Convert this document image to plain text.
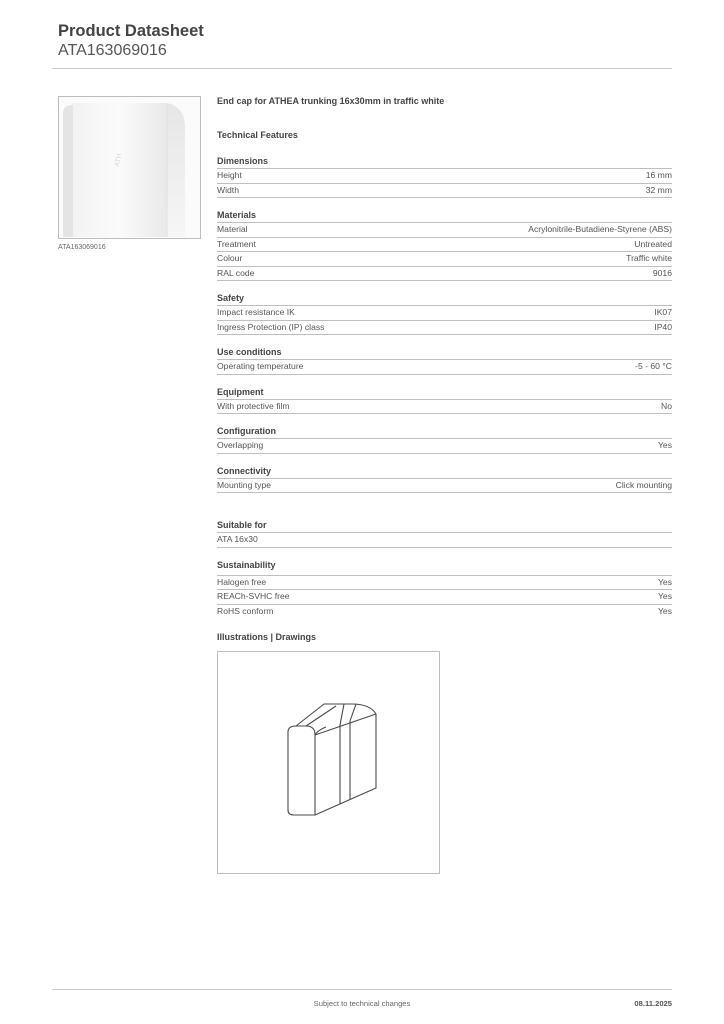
Product Datasheet
ATA163069016
ATH
ATA163069016
End cap for ATHEA trunking 16x30mm in traffic white
Technical Features
Dimensions
Height	16 mm
Width	32 mm
Materials
Material	Acrylonitrile-Butadiene-Styrene (ABS)
Treatment	Untreated
Colour	Traffic white
RAL code	9016
Safety
Impact resistance IK	IK07
Ingress Protection (IP) class	IP40
Use conditions
Operating temperature	-5 - 60 °C
Equipment
With protective film	No
Configuration
Overlapping	Yes
Connectivity
Mounting type	Click mounting
Suitable for
ATA 16x30
Sustainability
Halogen free	Yes
REACh-SVHC free	Yes
RoHS conform	Yes
Illustrations | Drawings
Subject to technical changes	08.11.2025
